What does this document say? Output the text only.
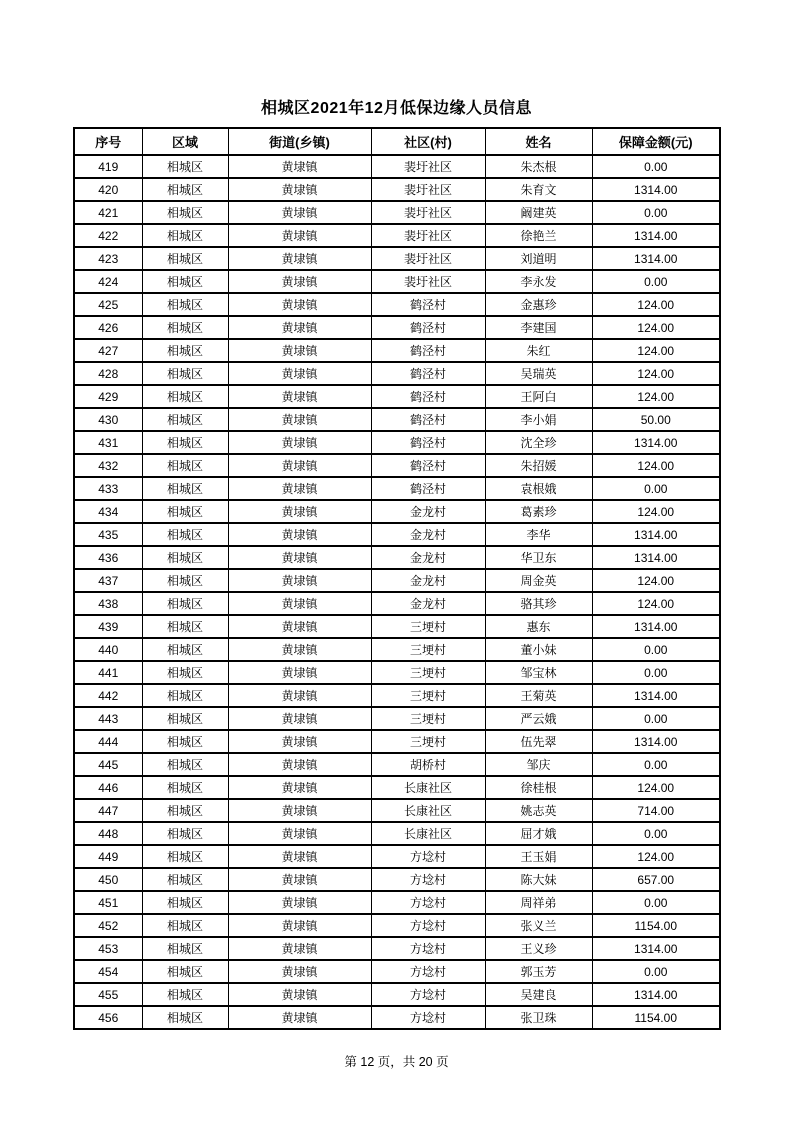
相城区2021年12月低保边缘人员信息
序号	区域	街道(乡镇)	社区(村)	姓名	保障金额(元)
419	相城区	黄埭镇	裴圩社区	朱杰根	0.00
420	相城区	黄埭镇	裴圩社区	朱育文	1314.00
421	相城区	黄埭镇	裴圩社区	阚建英	0.00
422	相城区	黄埭镇	裴圩社区	徐艳兰	1314.00
423	相城区	黄埭镇	裴圩社区	刘道明	1314.00
424	相城区	黄埭镇	裴圩社区	李永发	0.00
425	相城区	黄埭镇	鹤泾村	金惠珍	124.00
426	相城区	黄埭镇	鹤泾村	李建国	124.00
427	相城区	黄埭镇	鹤泾村	朱红	124.00
428	相城区	黄埭镇	鹤泾村	吴瑞英	124.00
429	相城区	黄埭镇	鹤泾村	王阿白	124.00
430	相城区	黄埭镇	鹤泾村	李小娟	50.00
431	相城区	黄埭镇	鹤泾村	沈全珍	1314.00
432	相城区	黄埭镇	鹤泾村	朱招媛	124.00
433	相城区	黄埭镇	鹤泾村	袁根娥	0.00
434	相城区	黄埭镇	金龙村	葛素珍	124.00
435	相城区	黄埭镇	金龙村	李华	1314.00
436	相城区	黄埭镇	金龙村	华卫东	1314.00
437	相城区	黄埭镇	金龙村	周金英	124.00
438	相城区	黄埭镇	金龙村	骆其珍	124.00
439	相城区	黄埭镇	三埂村	惠东	1314.00
440	相城区	黄埭镇	三埂村	董小妹	0.00
441	相城区	黄埭镇	三埂村	邹宝林	0.00
442	相城区	黄埭镇	三埂村	王菊英	1314.00
443	相城区	黄埭镇	三埂村	严云娥	0.00
444	相城区	黄埭镇	三埂村	伍先翠	1314.00
445	相城区	黄埭镇	胡桥村	邹庆	0.00
446	相城区	黄埭镇	长康社区	徐桂根	124.00
447	相城区	黄埭镇	长康社区	姚志英	714.00
448	相城区	黄埭镇	长康社区	屈才娥	0.00
449	相城区	黄埭镇	方埝村	王玉娟	124.00
450	相城区	黄埭镇	方埝村	陈大妹	657.00
451	相城区	黄埭镇	方埝村	周祥弟	0.00
452	相城区	黄埭镇	方埝村	张义兰	1154.00
453	相城区	黄埭镇	方埝村	王义珍	1314.00
454	相城区	黄埭镇	方埝村	郭玉芳	0.00
455	相城区	黄埭镇	方埝村	吴建良	1314.00
456	相城区	黄埭镇	方埝村	张卫珠	1154.00
第 12 页，共 20 页
